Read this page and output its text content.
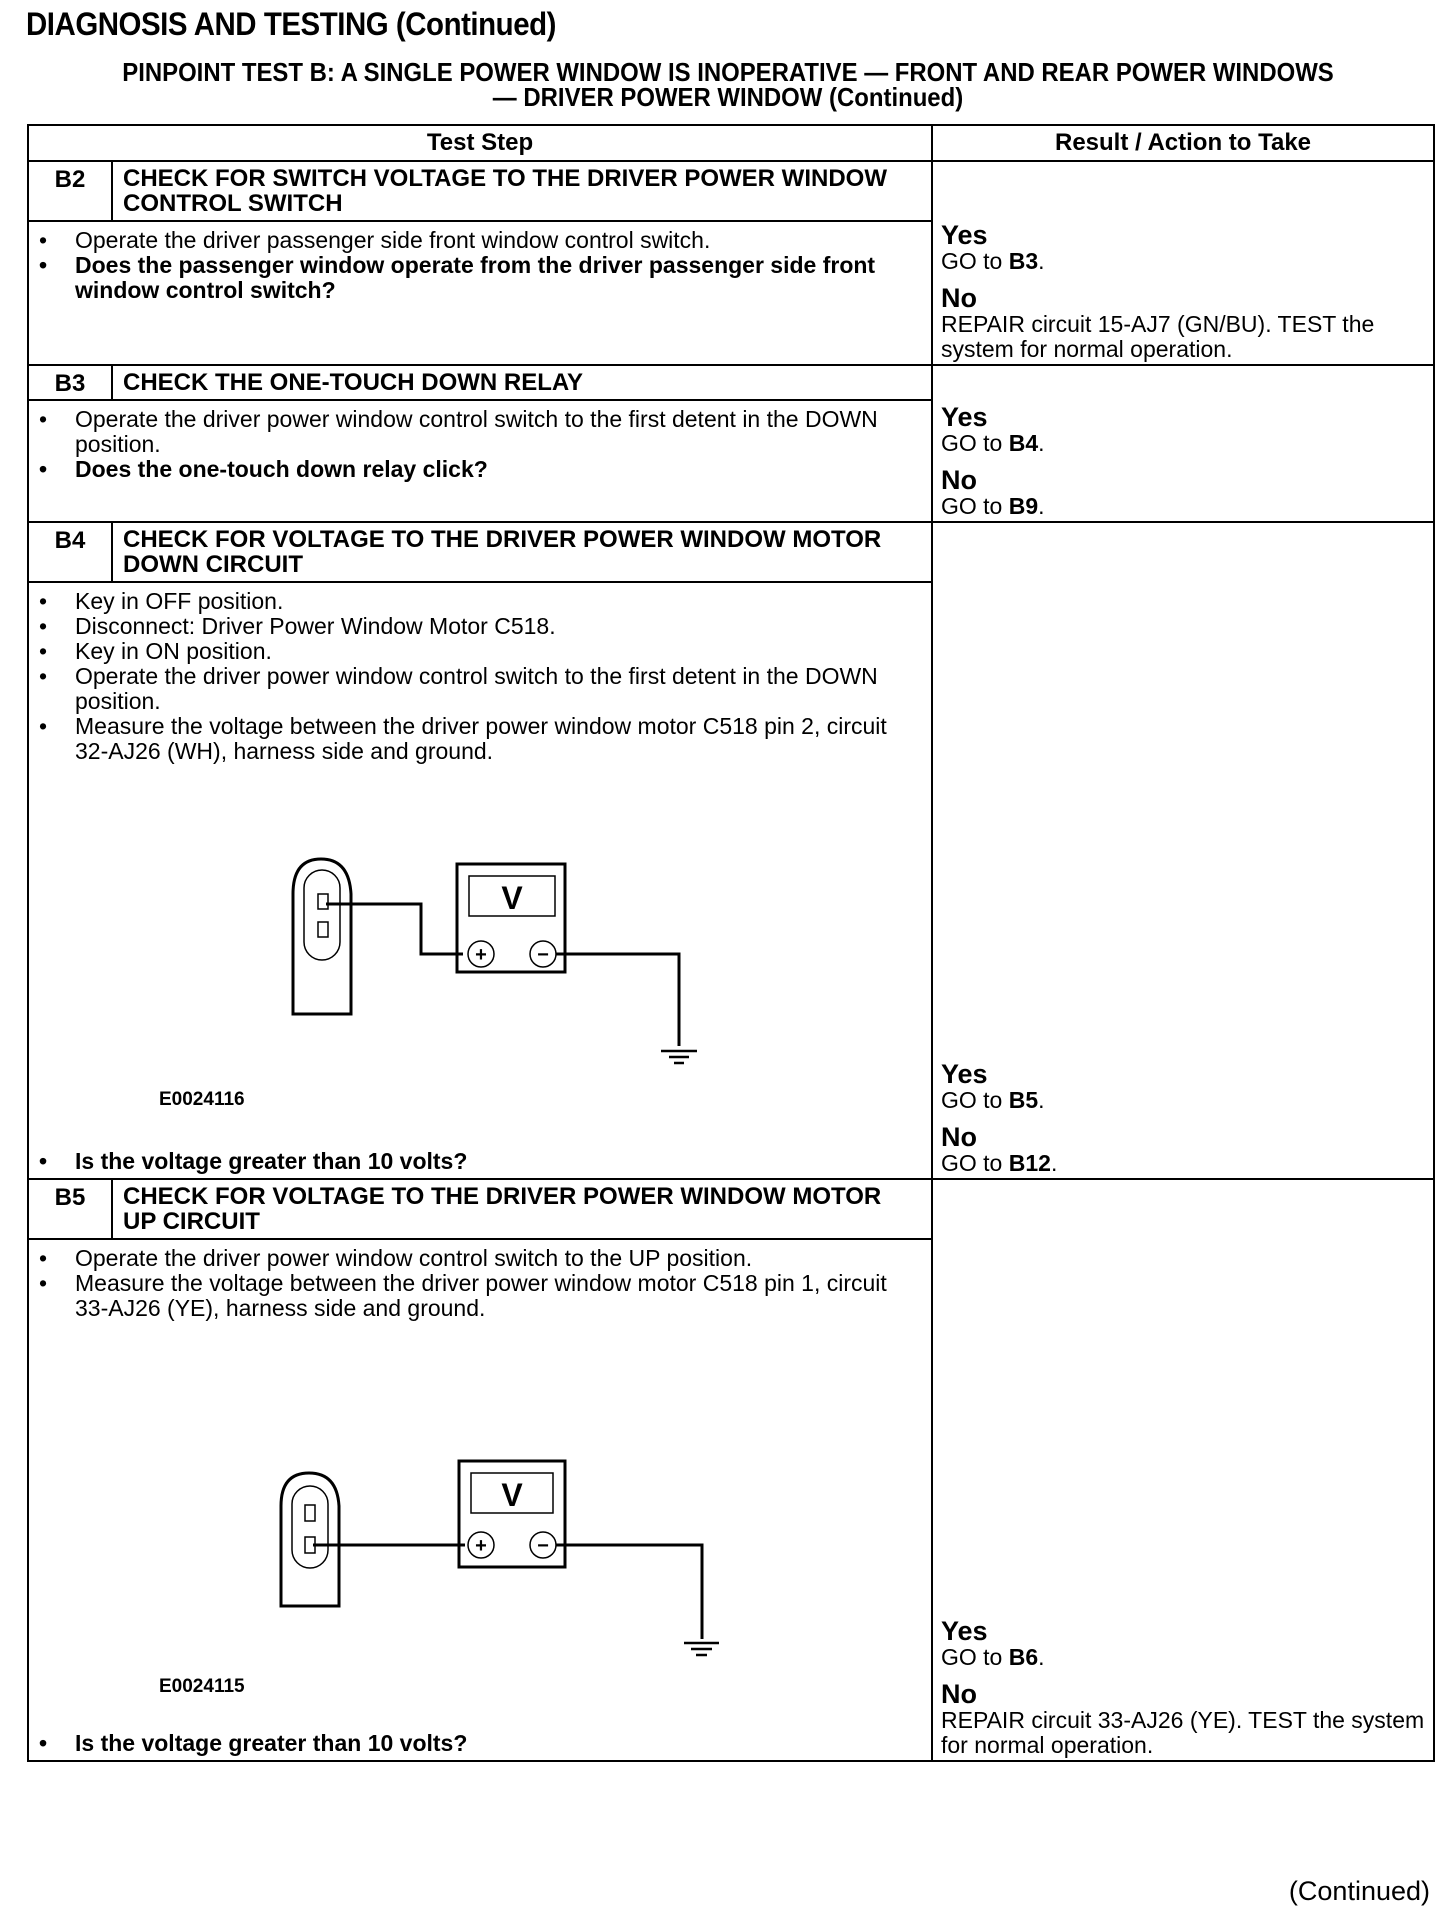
DIAGNOSIS AND TESTING (Continued)
PINPOINT TEST B: A SINGLE POWER WINDOW IS INOPERATIVE — FRONT AND REAR POWER WINDOWS — DRIVER POWER WINDOW (Continued)
Test Step		Result / Action to Take
B2	CHECK FOR SWITCH VOLTAGE TO THE DRIVER POWER WINDOW CONTROL SWITCH	Yes
GO to B3.
No
REPAIR circuit 15-AJ7 (GN/BU). TEST the system for normal operation.

• Operate the driver passenger side front window control switch.
• Does the passenger window operate from the driver passenger side front window control switch?

B3	CHECK THE ONE-TOUCH DOWN RELAY	Yes
GO to B4.
No
GO to B9.

• Operate the driver power window control switch to the first detent in the DOWN position.
• Does the one-touch down relay click?

B4	CHECK FOR VOLTAGE TO THE DRIVER POWER WINDOW MOTOR DOWN CIRCUIT	Yes
GO to B5.
No
GO to B12.

• Key in OFF position.
• Disconnect: Driver Power Window Motor C518.
• Key in ON position.
• Operate the driver power window control switch to the first detent in the DOWN position.
• Measure the voltage between the driver power window motor C518 pin 2, circuit 32-AJ26 (WH), harness side and ground.
V
+	−
E0024116
• Is the voltage greater than 10 volts?

B5	CHECK FOR VOLTAGE TO THE DRIVER POWER WINDOW MOTOR UP CIRCUIT	Yes
GO to B6.
No
REPAIR circuit 33-AJ26 (YE). TEST the system for normal operation.

• Operate the driver power window control switch to the UP position.
• Measure the voltage between the driver power window motor C518 pin 1, circuit 33-AJ26 (YE), harness side and ground.
V
+	−
E0024115
• Is the voltage greater than 10 volts?
(Continued)
